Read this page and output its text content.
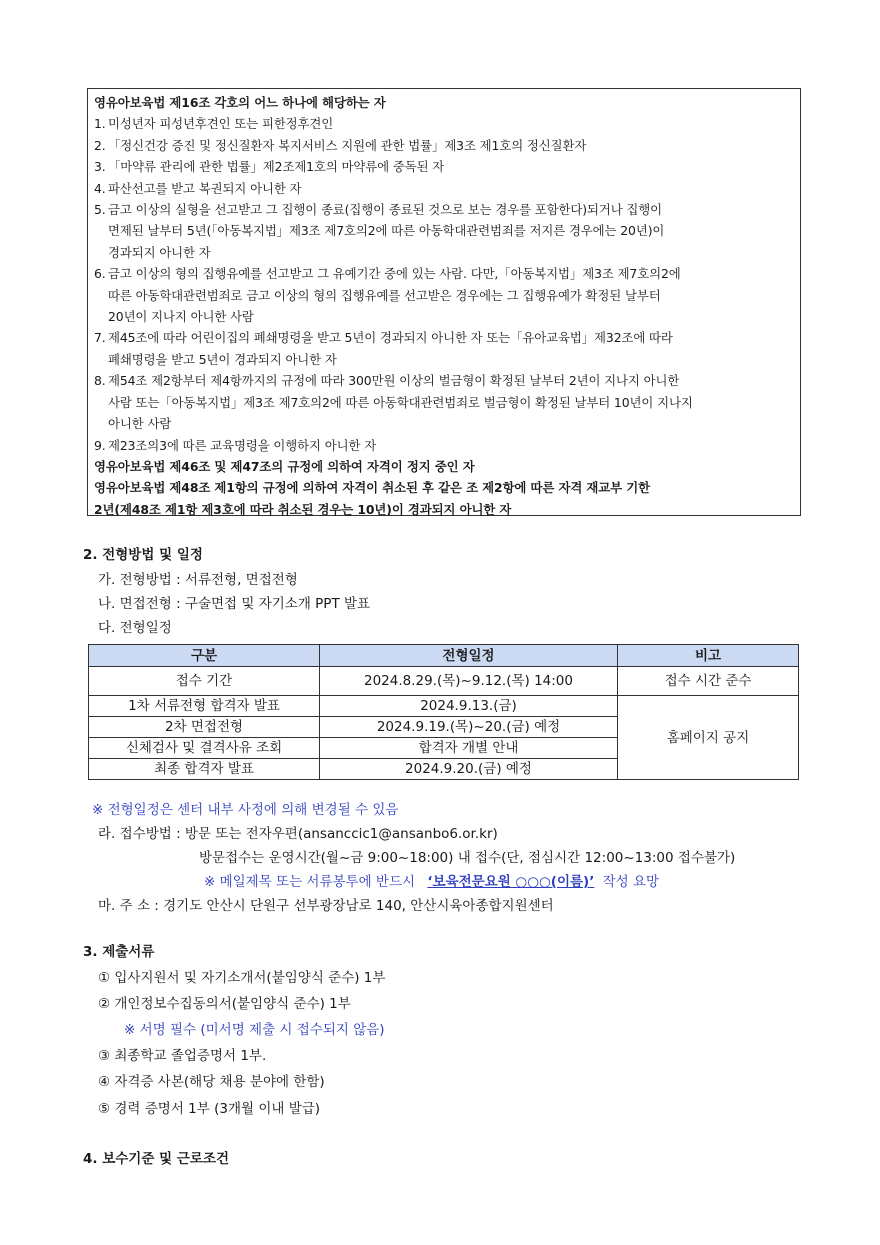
영유아보육법 제16조 각호의 어느 하나에 해당하는 자
1. 미성년자 피성년후견인 또는 피한정후견인
2. 「정신건강 증진 및 정신질환자 복지서비스 지원에 관한 법률」제3조 제1호의 정신질환자
3. 「마약류 관리에 관한 법률」제2조제1호의 마약류에 중독된 자
4. 파산선고를 받고 복권되지 아니한 자
5. 금고 이상의 실형을 선고받고 그 집행이 종료(집행이 종료된 것으로 보는 경우를 포함한다)되거나 집행이
면제된 날부터 5년(「아동복지법」제3조 제7호의2에 따른 아동학대관련범죄를 저지른 경우에는 20년)이
경과되지 아니한 자
6. 금고 이상의 형의 집행유예를 선고받고 그 유예기간 중에 있는 사람. 다만,「아동복지법」제3조 제7호의2에
따른 아동학대관련범죄로 금고 이상의 형의 집행유예를 선고받은 경우에는 그 집행유예가 확정된 날부터
20년이 지나지 아니한 사람
7. 제45조에 따라 어린이집의 폐쇄명령을 받고 5년이 경과되지 아니한 자 또는「유아교육법」제32조에 따라
폐쇄명령을 받고 5년이 경과되지 아니한 자
8. 제54조 제2항부터 제4항까지의 규정에 따라 300만원 이상의 벌금형이 확정된 날부터 2년이 지나지 아니한
사람 또는「아동복지법」제3조 제7호의2에 따른 아동학대관련범죄로 벌금형이 확정된 날부터 10년이 지나지
아니한 사람
9. 제23조의3에 따른 교육명령을 이행하지 아니한 자
영유아보육법 제46조 및 제47조의 규정에 의하여 자격이 정지 중인 자
영유아보육법 제48조 제1항의 규정에 의하여 자격이 취소된 후 같은 조 제2항에 따른 자격 재교부 기한
2년(제48조 제1항 제3호에 따라 취소된 경우는 10년)이 경과되지 아니한 자
2. 전형방법 및 일정
가. 전형방법 : 서류전형, 면접전형
나. 면접전형 : 구술면접 및 자기소개 PPT 발표
다. 전형일정
구분	전형일정	비고
접수 기간	2024.8.29.(목)~9.12.(목) 14:00	접수 시간 준수
1차 서류전형 합격자 발표	2024.9.13.(금)	홈페이지 공지
2차 면접전형	2024.9.19.(목)~20.(금) 예정	
신체검사 및 결격사유 조회	합격자 개별 안내	
최종 합격자 발표	2024.9.20.(금) 예정	
※ 전형일정은 센터 내부 사정에 의해 변경될 수 있음
라. 접수방법 : 방문 또는 전자우편(ansanccic1@ansanbo6.or.kr)
방문접수는 운영시간(월~금 9:00~18:00) 내 접수(단, 점심시간 12:00~13:00 접수불가)
※ 메일제목 또는 서류봉투에 반드시 ‘보육전문요원 ○○○(이름)’ 작성 요망
마. 주 소 : 경기도 안산시 단원구 선부광장남로 140, 안산시육아종합지원센터
3. 제출서류
① 입사지원서 및 자기소개서(붙임양식 준수) 1부
② 개인정보수집동의서(붙임양식 준수) 1부
※ 서명 필수 (미서명 제출 시 접수되지 않음)
③ 최종학교 졸업증명서 1부.
④ 자격증 사본(해당 채용 분야에 한함)
⑤ 경력 증명서 1부 (3개월 이내 발급)
4. 보수기준 및 근로조건
